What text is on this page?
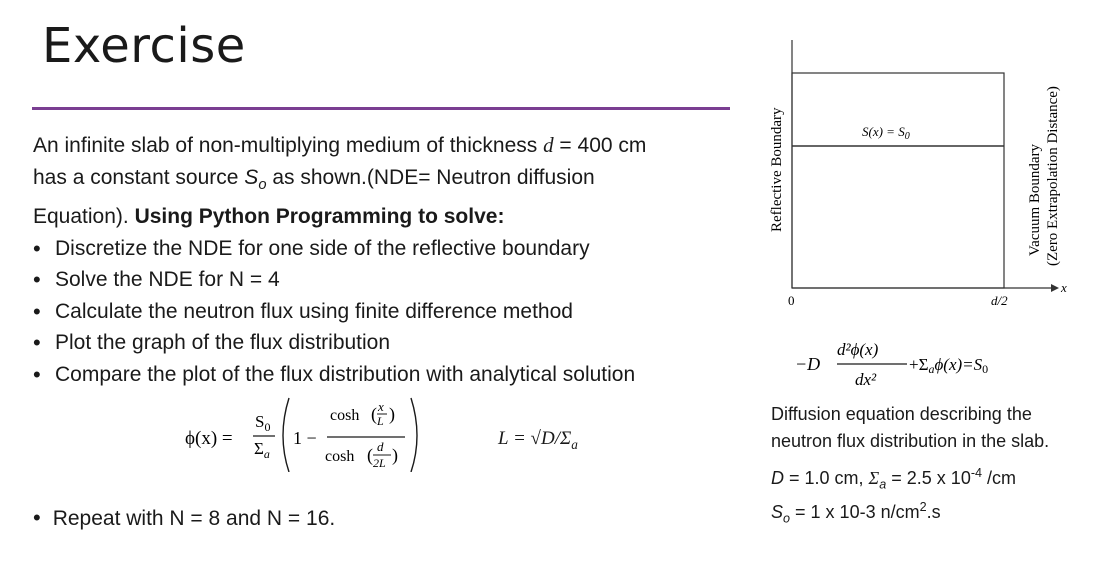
Exercise

An infinite slab of non-multiplying medium of thickness d = 400 cm

has a constant source $S_o$ as shown.(NDE= Neutron diffusion

Equation). Using Python Programming to solve:

• Discretize the NDE for one side of the reflective boundary
• Solve the NDE for N = 4
• Calculate the neutron flux using finite difference method
• Plot the graph of the flux distribution
• Compare the plot of the flux distribution with analytical solution
ϕ(x) =
$S_0$
$\Sigma_a$
1 −
cosh ( x
L )
cosh ( d
2L )
$L = √D/\Sigma_a$
• Repeat with N = 8 and N = 16.
$S(x) = S_0$
0	d/2
x
Reflective Boundary	Vacuum Boundary (Zero Extrapolation Distance)
−D
d²ϕ(x)
dx²
+Σaϕ(x)=S0
Diffusion equation describing the
neutron flux distribution in the slab.
D = 1.0 cm, $\Sigma_a = 2.5$ x $10^{-4}$ /cm
$S_o = 1$ x 10-3 $n/cm^2.s$
